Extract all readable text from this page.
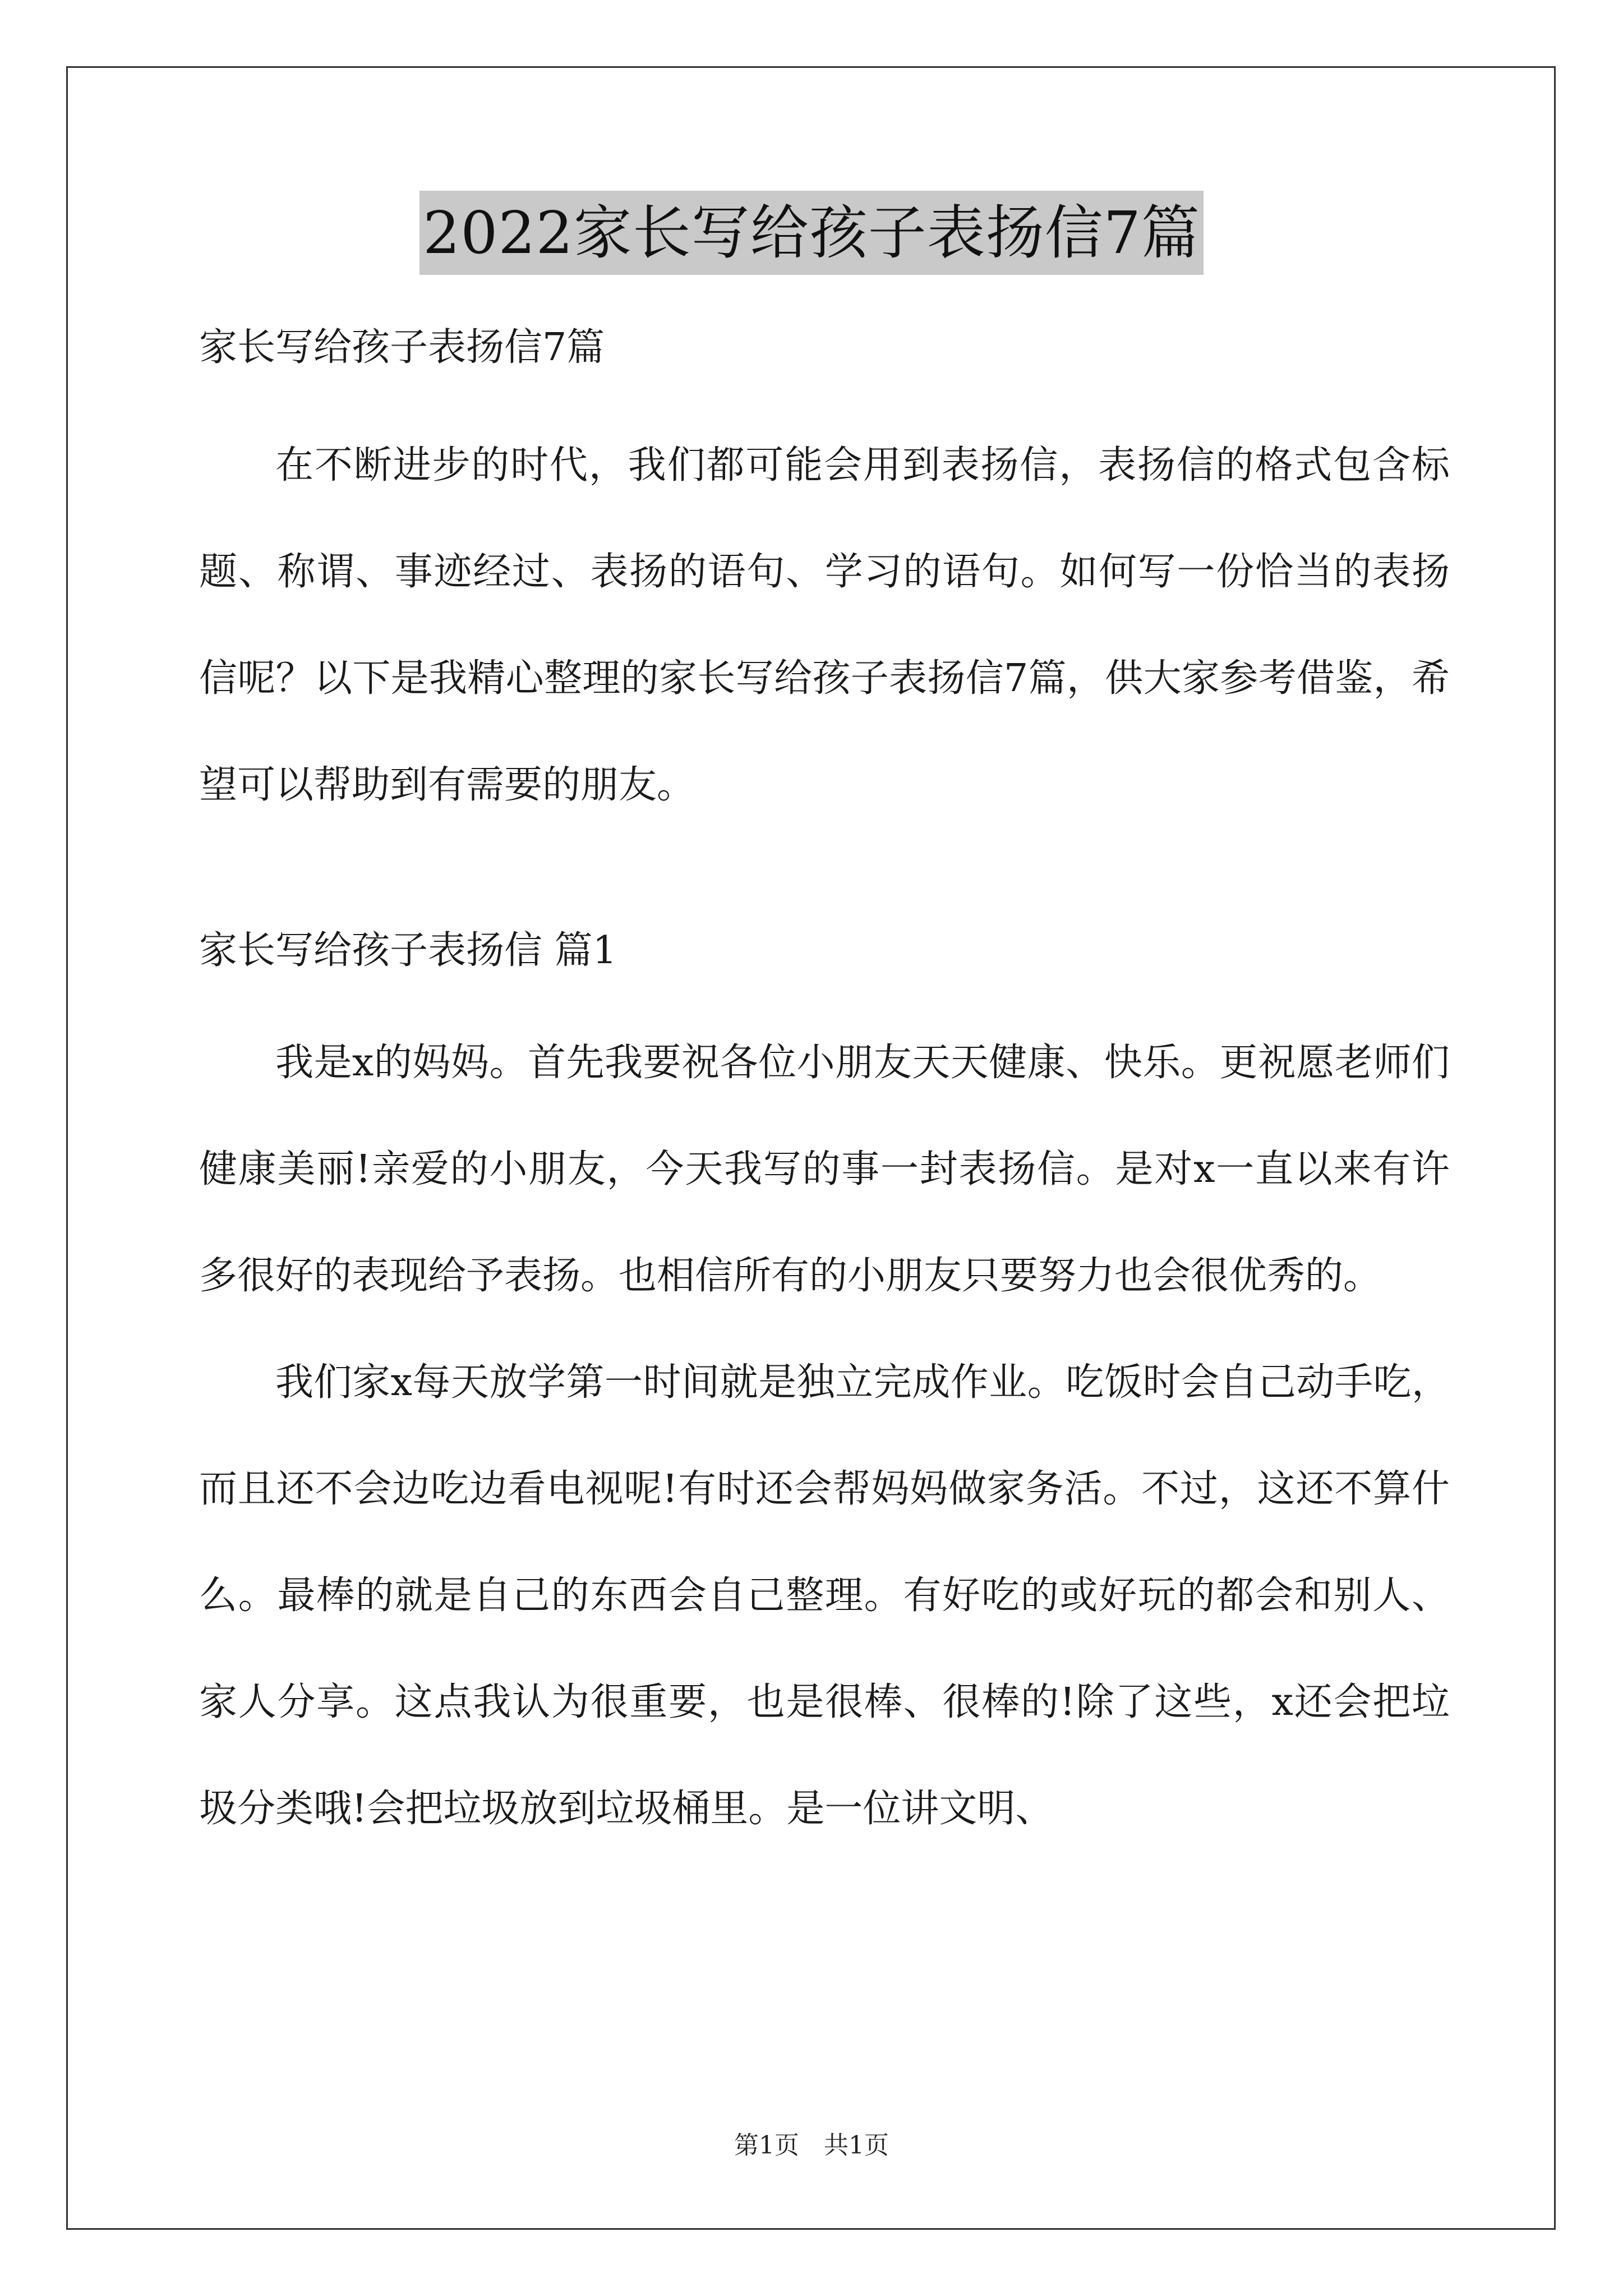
2022家长写给孩子表扬信7篇
家长写给孩子表扬信7篇

在不断进步的时代，我们都可能会用到表扬信，表扬信的格式包含标题、称谓、事迹经过、表扬的语句、学习的语句。如何写一份恰当的表扬信呢？以下是我精心整理的家长写给孩子表扬信7篇，供大家参考借鉴，希望可以帮助到有需要的朋友。

家长写给孩子表扬信 篇1

我是x的妈妈。首先我要祝各位小朋友天天健康、快乐。更祝愿老师们健康美丽!亲爱的小朋友，今天我写的事一封表扬信。是对x一直以来有许多很好的表现给予表扬。也相信所有的小朋友只要努力也会很优秀的。

我们家x每天放学第一时间就是独立完成作业。吃饭时会自己动手吃，而且还不会边吃边看电视呢!有时还会帮妈妈做家务活。不过，这还不算什么。最棒的就是自己的东西会自己整理。有好吃的或好玩的都会和别人、家人分享。这点我认为很重要，也是很棒、很棒的!除了这些，x还会把垃圾分类哦!会把垃圾放到垃圾桶里。是一位讲文明、

第1页　共1页
